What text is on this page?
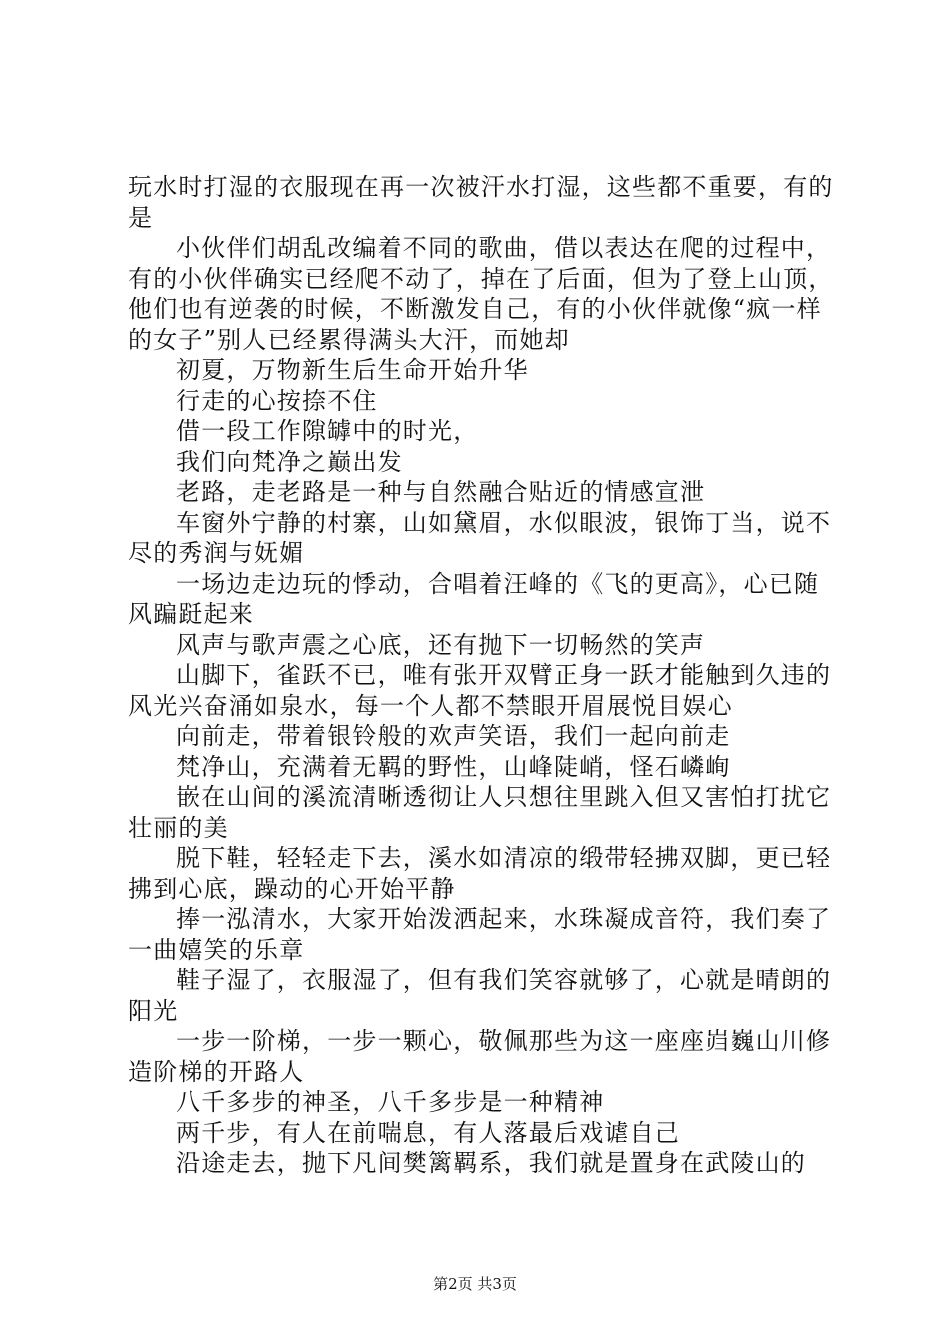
玩水时打湿的衣服现在再一次被汗水打湿，这些都不重要，有的是

小伙伴们胡乱改编着不同的歌曲，借以表达在爬的过程中，有的小伙伴确实已经爬不动了，掉在了后面，但为了登上山顶，他们也有逆袭的时候，不断激发自己，有的小伙伴就像“疯一样的女子”别人已经累得满头大汗，而她却

初夏，万物新生后生命开始升华

行走的心按捺不住

借一段工作隙罅中的时光，

我们向梵净之巅出发

老路，走老路是一种与自然融合贴近的情感宣泄

车窗外宁静的村寨，山如黛眉，水似眼波，银饰丁当，说不尽的秀润与妩媚

一场边走边玩的悸动，合唱着汪峰的《飞的更高》，心已随风蹁跹起来

风声与歌声震之心底，还有抛下一切畅然的笑声

山脚下，雀跃不已，唯有张开双臂正身一跃才能触到久违的风光兴奋涌如泉水，每一个人都不禁眼开眉展悦目娱心

向前走，带着银铃般的欢声笑语，我们一起向前走

梵净山，充满着无羁的野性，山峰陡峭，怪石嶙峋

嵌在山间的溪流清晰透彻让人只想往里跳入但又害怕打扰它壮丽的美

脱下鞋，轻轻走下去，溪水如清凉的缎带轻拂双脚，更已轻拂到心底，躁动的心开始平静

捧一泓清水，大家开始泼洒起来，水珠凝成音符，我们奏了一曲嬉笑的乐章

鞋子湿了，衣服湿了，但有我们笑容就够了，心就是晴朗的阳光

一步一阶梯，一步一颗心，敬佩那些为这一座座岿巍山川修造阶梯的开路人

八千多步的神圣，八千多步是一种精神

两千步，有人在前喘息，有人落最后戏谑自己

沿途走去，抛下凡间樊篱羁系，我们就是置身在武陵山的

第2页 共3页
